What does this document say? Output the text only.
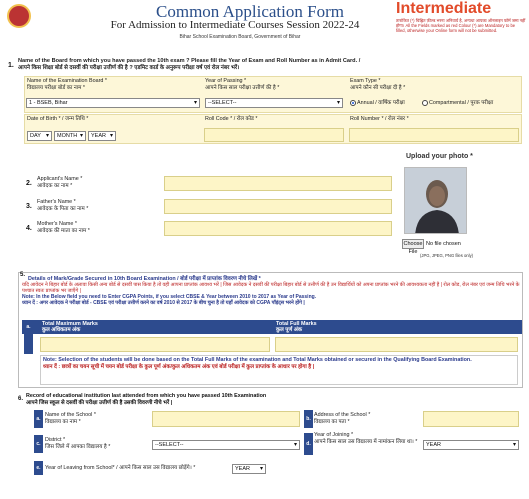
Common Application Form
For Admission to Intermediate Courses Session 2022-24
Bihar School Examination Board, Government of Bihar
Intermediate
तारांकित (*) चिह्नित फ़ील्ड भरना अनिवार्य है, अन्यथा आपका ऑनलाइन फॉर्म जमा नहीं होगा। All the Fields marked as red Colour (*) are Mandatory to be filled, otherwise your Online form will not be submitted.
1.
Name of the Board from which you have passed the 10th exam ? Please fill the Year of Exam and Roll Number as in Admit Card. /
आपने किस शिक्षा बोर्ड से दसवीं की परीक्षा उत्तीर्ण की है ? एडमिट कार्ड के अनुरूप परीक्षा वर्ष एवं रोल नंबर भरें।
Name of the Examination Board *
विद्यालय परीक्षा बोर्ड का नाम *
1 - BSEB, Bihar ▾
Year of Passing *
आपने किस साल परीक्षा उत्तीर्ण की है *
--SELECT-- ▾
Exam Type *
आपने कौन सी परीक्षा दी है *
Annual / वार्षिक परीक्षा	Compartmental / पूरक परीक्षा
Date of Birth * / जन्म तिथि *
DAY ▾	MONTH ▾	YEAR ▾
Roll Code * / रोल कोड *	Roll Number * / रोल नंबर *
Upload your photo *
Choose File
No file chosen
(JPG, JPEG, PNG files only)
2.
Applicant's Name *
आवेदक का नाम *
3.
Father's Name *
आवेदक के पिता का नाम *
4.
Mother's Name *
आवेदक की माता का नाम *
5.
Details of Mark/Grade Secured in 10th Board Examination / बोर्ड परीक्षा में प्राप्तांक विवरण नीचे लिखें *
यदि आवेदन ने बिहार बोर्ड के अलावा किसी अन्य बोर्ड से दसवीं पास किया है तो वही आपना प्राप्तांक आवश्य भरें | जिस आवेदक ने दसवीं की परीक्षा बिहार बोर्ड से उत्तीर्ण की है उन विद्यार्थियों को अपना प्राप्तांक भरने की आवश्यकता नहीं है | रोल कोड, रोल नंबर एवं जन्म तिथि भरने के पश्चात स्वतः प्राप्तांक भर जाएँगे |
Note: In the Below field you need to Enter CGPA Points, if you select CBSE & Year between 2010 to 2017 as Year of Passing.
ध्यान दें : अगर आवेदक ने परीक्षा बोर्ड - CBSE एवं परीक्षा उत्तीर्ण करने का वर्ष 2010 से 2017 के बीच चुना है तो यहाँ आवेदक को CGPA पॉइंट्स भरने होंगे |
a.	Total Maximum Marks
कुल अधिकतम अंक
Total Full Marks
कुल पूर्ण अंक
Note: Selection of the students will be done based on the Total Full Marks of the examination and Total Marks obtained or secured in the Qualifying Board Examination.
ध्यान दें : छात्रों का चयन सूची में चयन बोर्ड परीक्षा के कुल पूर्ण अंक/कुल अधिकतम अंक एवं बोर्ड परीक्षा में कुल प्राप्तांक के आधार पर होगा है |
6. Record of educational institution last attended from which you have passed 10th Examination
आपने जिस स्कूल से दसवीं की परीक्षा उत्तीर्ण की है उसकी विवरणी नीचे भरें |
a.
Name of the School *
विद्यालय का नाम *	b.
Address of the School *
विद्यालय का पता *
c.
District *
जिस जिले में आपका विद्यालय है *	--SELECT-- ▾	d.
Year of Joining *
आपने किस साल उस विद्यालय में नामांकन लिया था। *
YEAR ▾
e. Year of Leaving from School* / आपने किस साल उस विद्यालय छोड़ेंगे। *	YEAR ▾
